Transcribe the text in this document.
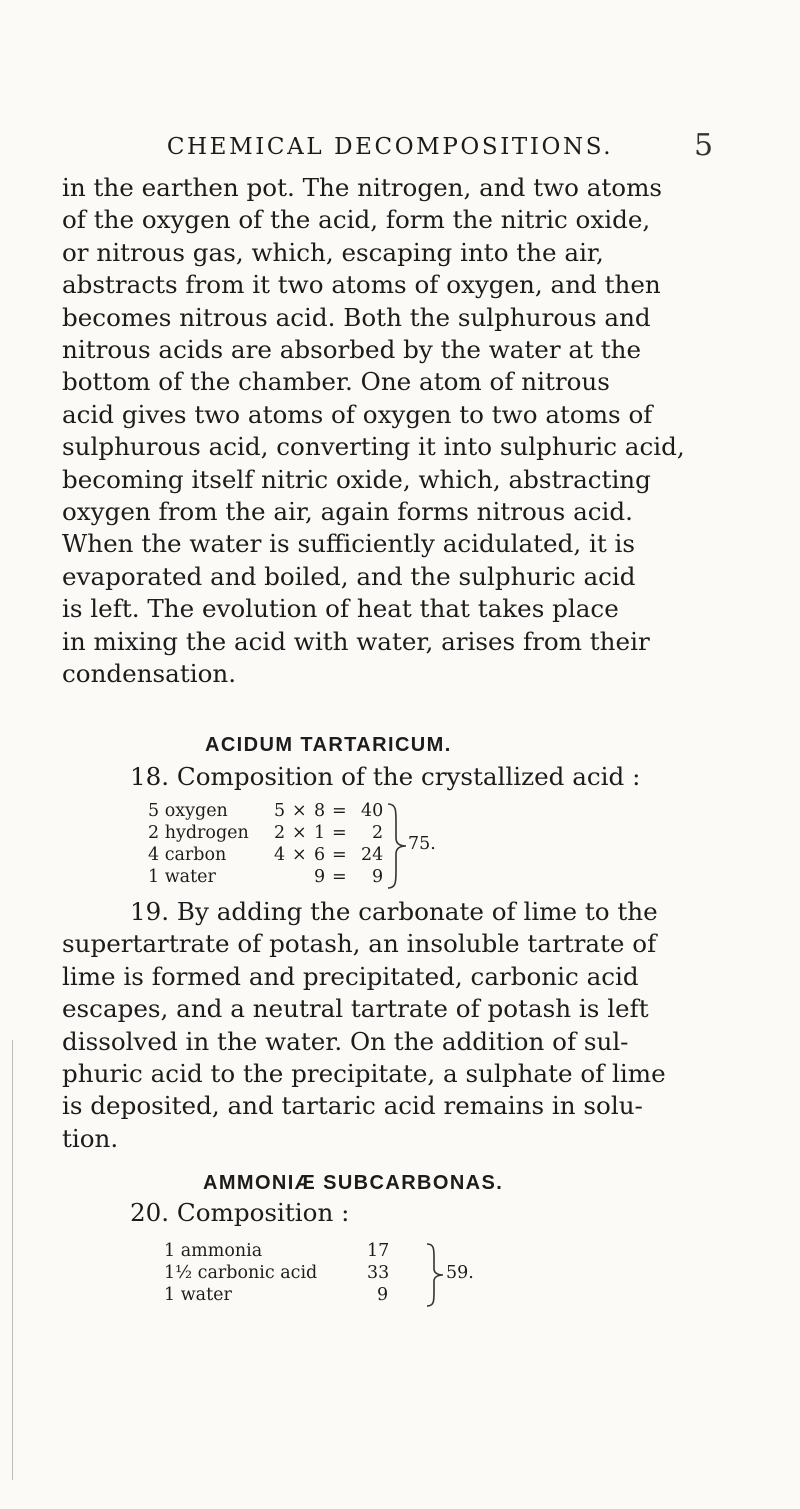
CHEMICAL DECOMPOSITIONS.	5
in the earthen pot. The nitrogen, and two atoms
of the oxygen of the acid, form the nitric oxide,
or nitrous gas, which, escaping into the air,
abstracts from it two atoms of oxygen, and then
becomes nitrous acid. Both the sulphurous and
nitrous acids are absorbed by the water at the
bottom of the chamber. One atom of nitrous
acid gives two atoms of oxygen to two atoms of
sulphurous acid, converting it into sulphuric acid,
becoming itself nitric oxide, which, abstracting
oxygen from the air, again forms nitrous acid.
When the water is sufficiently acidulated, it is
evaporated and boiled, and the sulphuric acid
is left. The evolution of heat that takes place
in mixing the acid with water, arises from their
condensation.
ACIDUM TARTARICUM.
18. Composition of the crystallized acid :
5 oxygen	5 × 8 = 40
2 hydrogen 2 × 1 = 2
4 carbon	4 × 6 = 24
1 water	9 = 9
75.
19. By adding the carbonate of lime to the
supertartrate of potash, an insoluble tartrate of
lime is formed and precipitated, carbonic acid
escapes, and a neutral tartrate of potash is left
dissolved in the water. On the addition of sul-
phuric acid to the precipitate, a sulphate of lime
is deposited, and tartaric acid remains in solu-
tion.
AMMONIÆ SUBCARBONAS.
20. Composition :
1 ammonia	17
1½ carbonic acid	33
1 water	9
59.
